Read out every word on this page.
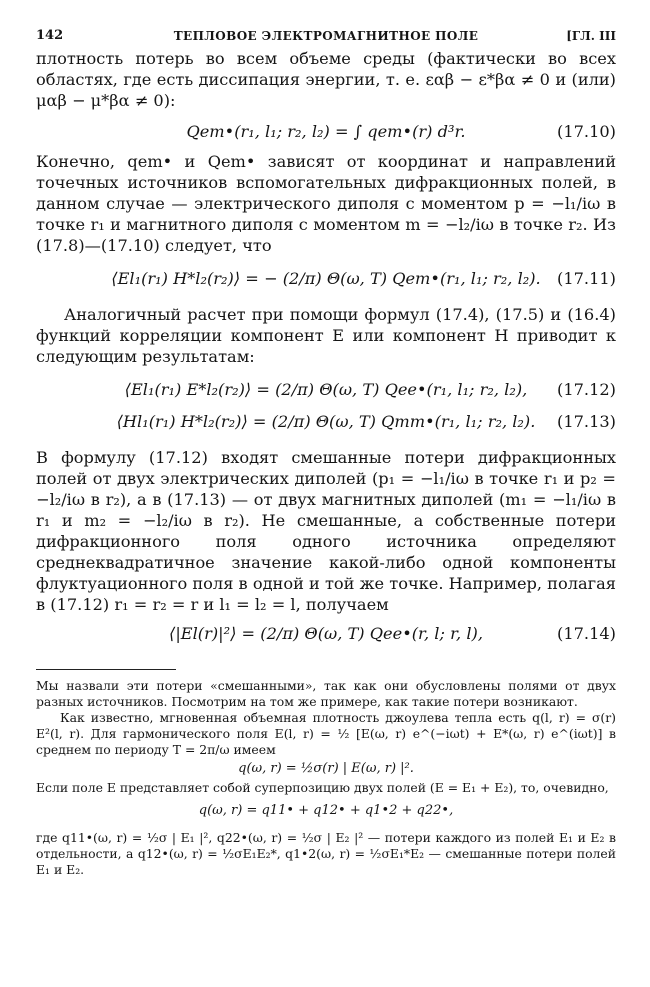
142	ТЕПЛОВОЕ ЭЛЕКТРОМАГНИТНОЕ ПОЛЕ	[ГЛ. III

плотность потерь во всем объеме среды (фактически во всех областях, где есть диссипация энергии, т. е. εαβ − ε*βα ≠ 0 и (или) μαβ − μ*βα ≠ 0):

Qem•(r₁, l₁; r₂, l₂) = ∫ qem•(r) d³r.	(17.10)

Конечно, qem• и Qem• зависят от координат и направлений точечных источников вспомогательных дифракционных полей, в данном случае — электрического диполя с моментом p = −l₁/iω в точке r₁ и магнитного диполя с моментом m = −l₂/iω в точке r₂. Из (17.8)—(17.10) следует, что

⟨El₁(r₁) H*l₂(r₂)⟩ = − (2/π) Θ(ω, T) Qem•(r₁, l₁; r₂, l₂).	(17.11)

Аналогичный расчет при помощи формул (17.4), (17.5) и (16.4) функций корреляции компонент E или компонент H приводит к следующим результатам:

⟨El₁(r₁) E*l₂(r₂)⟩ = (2/π) Θ(ω, T) Qee•(r₁, l₁; r₂, l₂),	(17.12)
⟨Hl₁(r₁) H*l₂(r₂)⟩ = (2/π) Θ(ω, T) Qmm•(r₁, l₁; r₂, l₂).	(17.13)

В формулу (17.12) входят смешанные потери дифракционных полей от двух электрических диполей (p₁ = −l₁/iω в точке r₁ и p₂ = −l₂/iω в r₂), а в (17.13) — от двух магнитных диполей (m₁ = −l₁/iω в r₁ и m₂ = −l₂/iω в r₂). Не смешанные, а собственные потери дифракционного поля одного источника определяют среднеквадратичное значение какой-либо одной компоненты флуктуационного поля в одной и той же точке. Например, полагая в (17.12) r₁ = r₂ = r и l₁ = l₂ = l, получаем

⟨|El(r)|²⟩ = (2/π) Θ(ω, T) Qee•(r, l; r, l),	(17.14)

Мы назвали эти потери «смешанными», так как они обусловлены полями от двух разных источников. Посмотрим на том же примере, как такие потери возникают.

Как известно, мгновенная объемная плотность джоулева тепла есть q(l, r) = σ(r) E²(l, r). Для гармонического поля E(l, r) = ½ [E(ω, r) e^(−iωt) + E*(ω, r) e^(iωt)] в среднем по периоду T = 2π/ω имеем

q(ω, r) = ½σ(r) | E(ω, r) |².

Если поле E представляет собой суперпозицию двух полей (E = E₁ + E₂), то, очевидно,

q(ω, r) = q11• + q12• + q1•2 + q22•,

где q11•(ω, r) = ½σ | E₁ |², q22•(ω, r) = ½σ | E₂ |² — потери каждого из полей E₁ и E₂ в отдельности, а q12•(ω, r) = ½σE₁E₂*, q1•2(ω, r) = ½σE₁*E₂ — смешанные потери полей E₁ и E₂.
